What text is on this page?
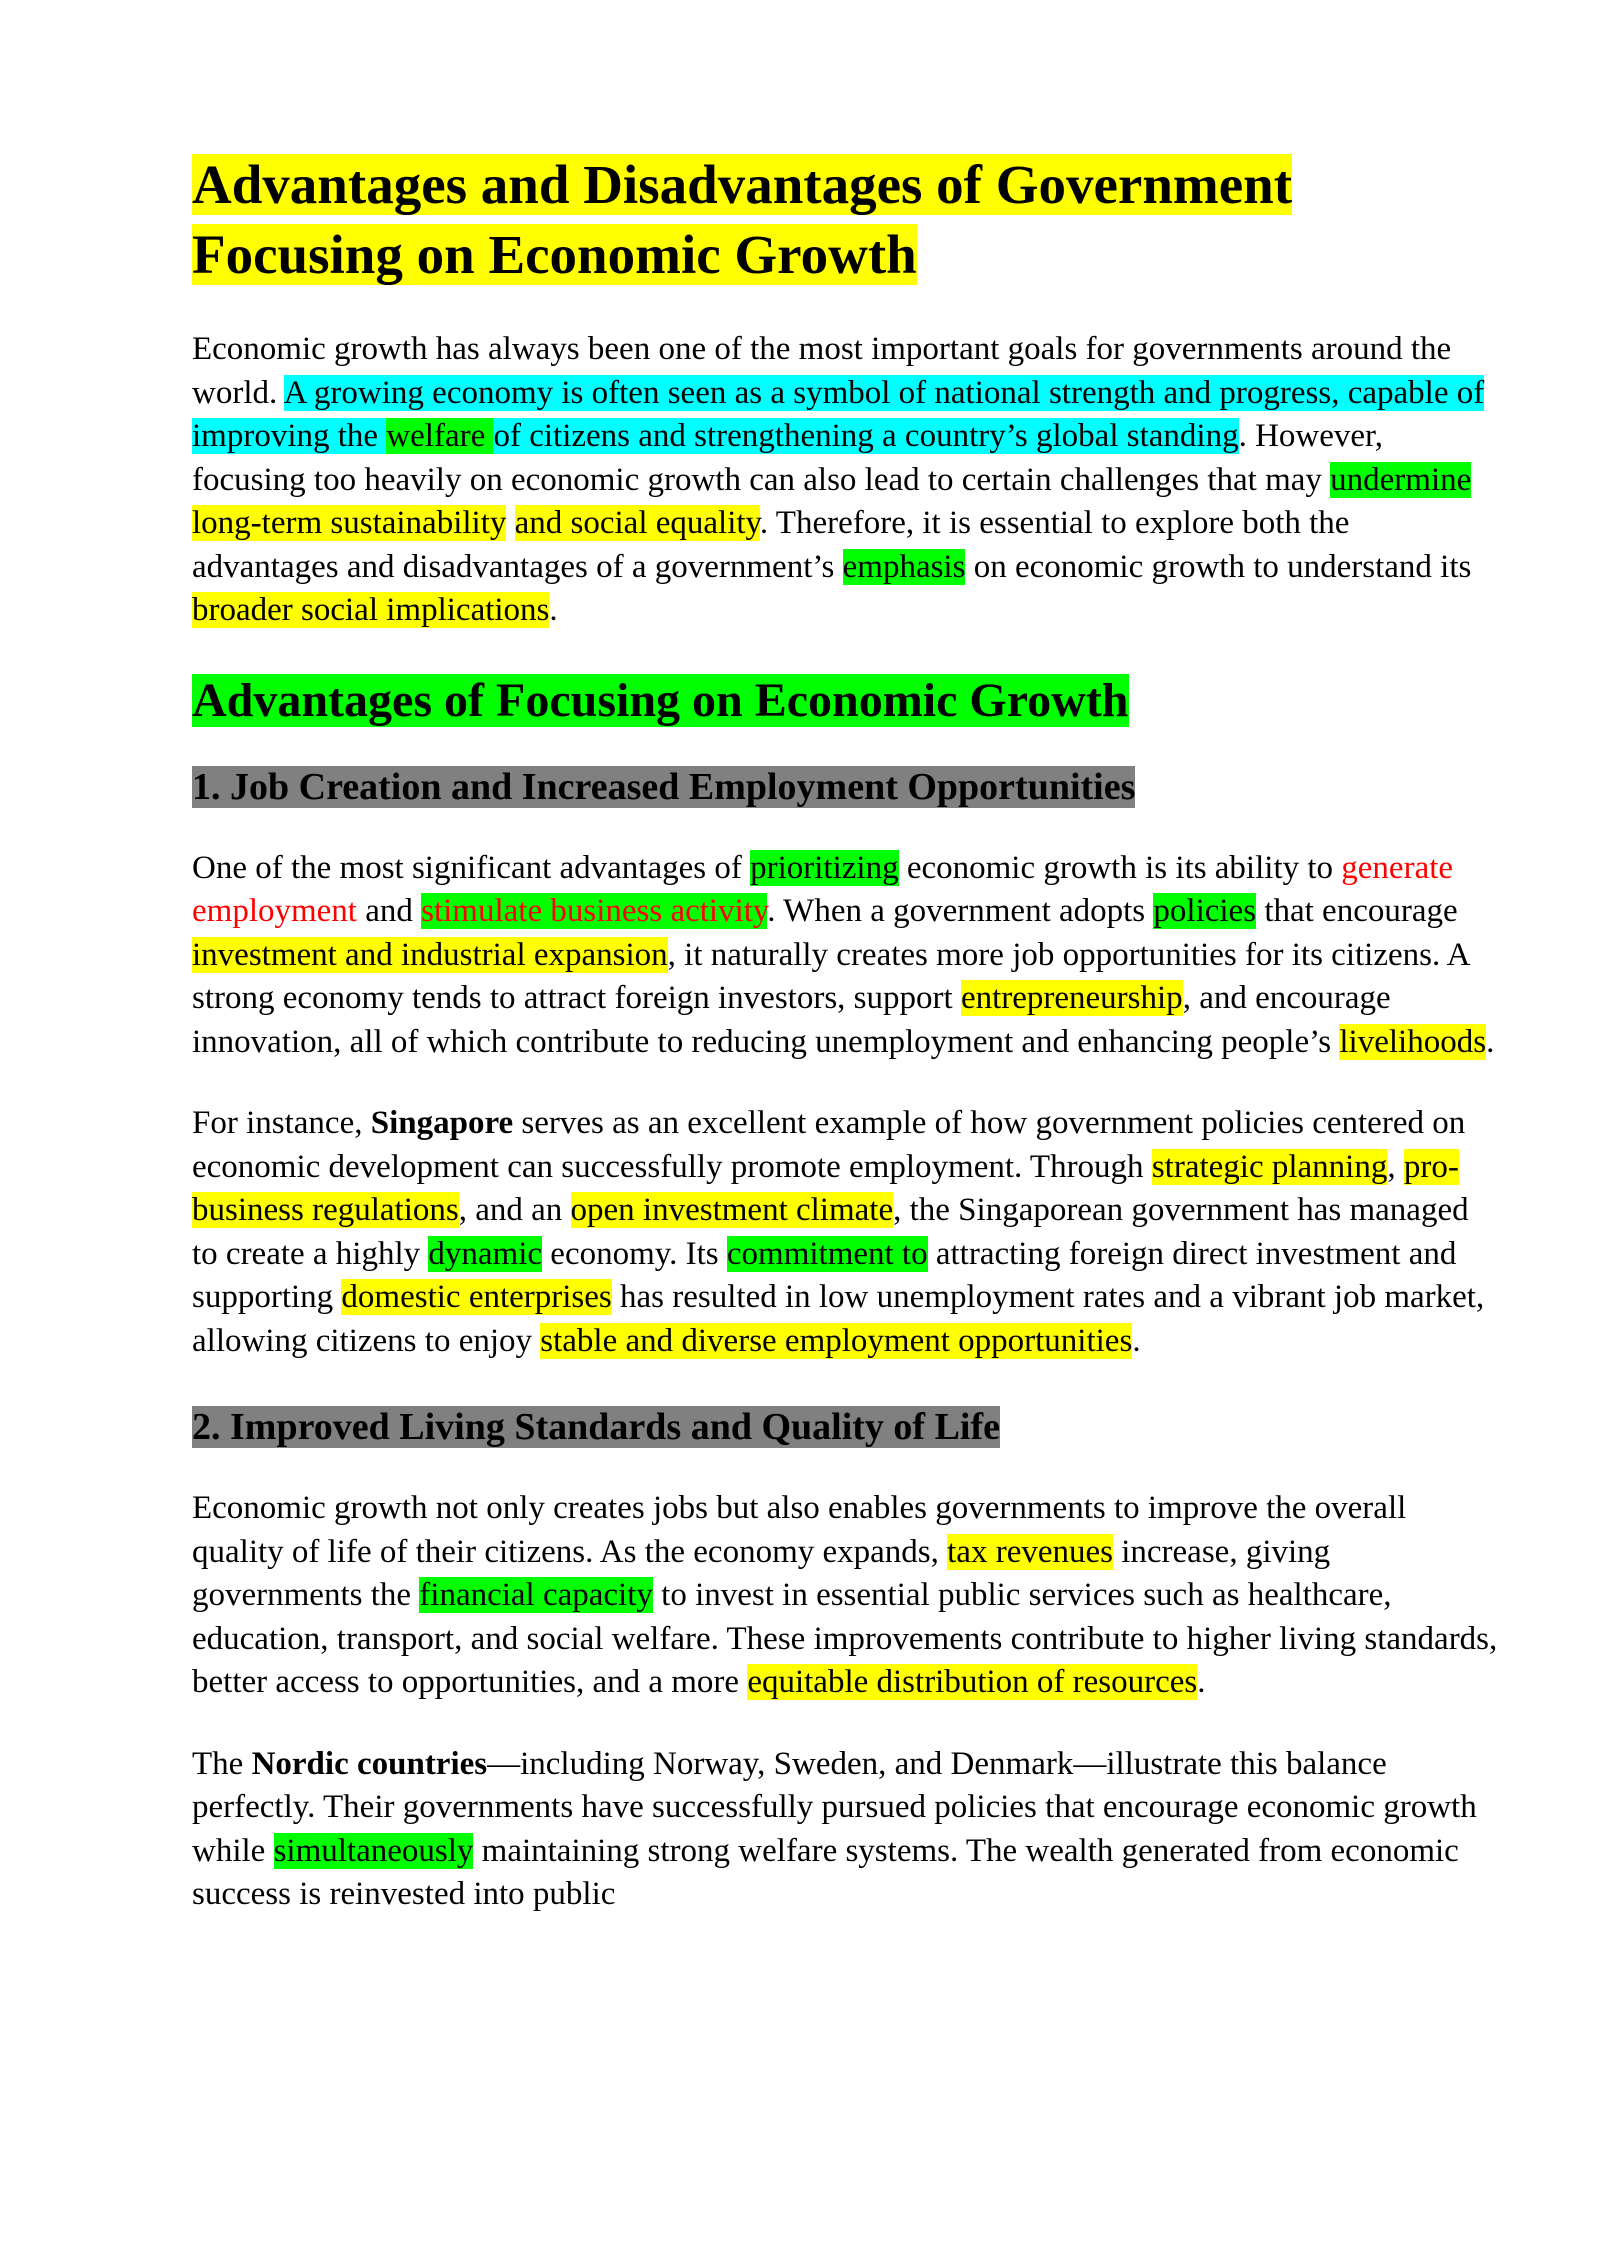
Advantages and Disadvantages of Government
Focusing on Economic Growth

Economic growth has always been one of the most important goals for governments around the world. A growing economy is often seen as a symbol of national strength and progress, capable of improving the welfare of citizens and strengthening a country’s global standing. However, focusing too heavily on economic growth can also lead to certain challenges that may undermine long-term sustainability and social equality. Therefore, it is essential to explore both the advantages and disadvantages of a government’s emphasis on economic growth to understand its broader social implications.

Advantages of Focusing on Economic Growth
1. Job Creation and Increased Employment Opportunities

One of the most significant advantages of prioritizing economic growth is its ability to generate employment and stimulate business activity. When a government adopts policies that encourage investment and industrial expansion, it naturally creates more job opportunities for its citizens. A strong economy tends to attract foreign investors, support entrepreneurship, and encourage innovation, all of which contribute to reducing unemployment and enhancing people’s livelihoods.

For instance, Singapore serves as an excellent example of how government policies centered on economic development can successfully promote employment. Through strategic planning, pro-business regulations, and an open investment climate, the Singaporean government has managed to create a highly dynamic economy. Its commitment to attracting foreign direct investment and supporting domestic enterprises has resulted in low unemployment rates and a vibrant job market, allowing citizens to enjoy stable and diverse employment opportunities.

2. Improved Living Standards and Quality of Life

Economic growth not only creates jobs but also enables governments to improve the overall quality of life of their citizens. As the economy expands, tax revenues increase, giving governments the financial capacity to invest in essential public services such as healthcare, education, transport, and social welfare. These improvements contribute to higher living standards, better access to opportunities, and a more equitable distribution of resources.

The Nordic countries—including Norway, Sweden, and Denmark—illustrate this balance perfectly. Their governments have successfully pursued policies that encourage economic growth while simultaneously maintaining strong welfare systems. The wealth generated from economic success is reinvested into public
